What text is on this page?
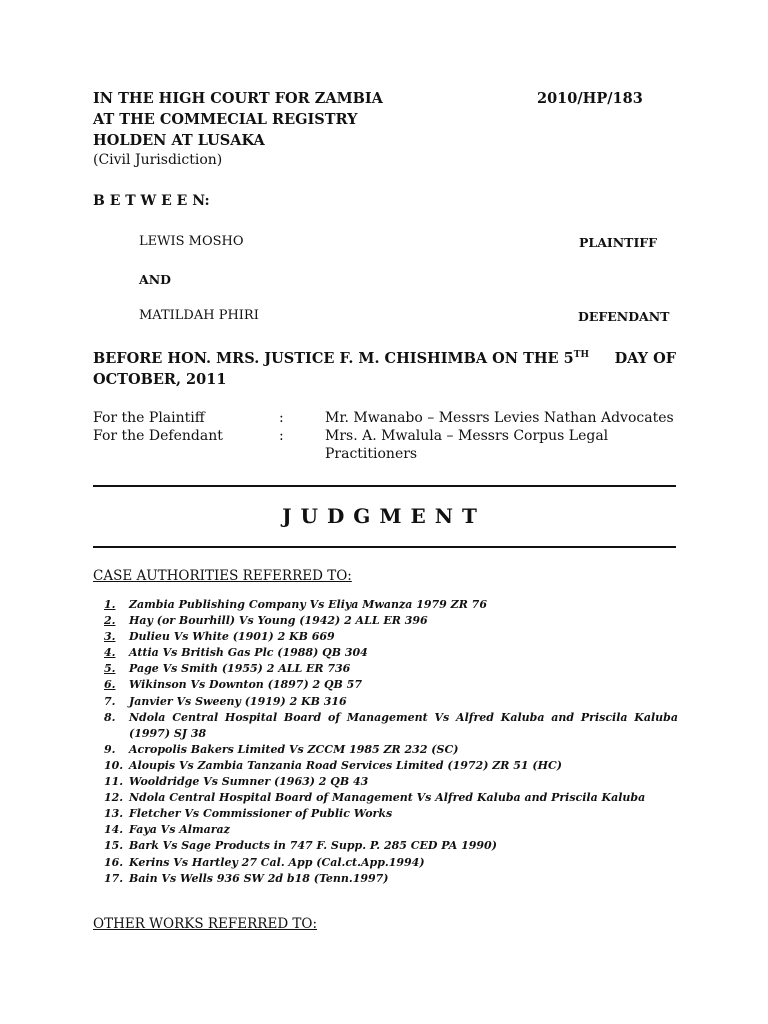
IN THE HIGH COURT FOR ZAMBIA	2010/HP/183
AT THE COMMECIAL REGISTRY
HOLDEN AT LUSAKA
(Civil Jurisdiction)
B E T W E E N:
LEWIS MOSHO	PLAINTIFF
AND
MATILDAH PHIRI	DEFENDANT
BEFORE HON. MRS. JUSTICE F. M. CHISHIMBA ON THE 5TH DAY OF
OCTOBER, 2011
For the Plaintiff	:	Mr. Mwanabo – Messrs Levies Nathan Advocates
For the Defendant	:	Mrs. A. Mwalula – Messrs Corpus Legal
Practitioners
JUDGMENT
CASE AUTHORITIES REFERRED TO:
1.	Zambia Publishing Company Vs Eliya Mwanza 1979 ZR 76
2.	Hay (or Bourhill) Vs Young (1942) 2 ALL ER 396
3.	Dulieu Vs White (1901) 2 KB 669
4.	Attia Vs British Gas Plc (1988) QB 304
5.	Page Vs Smith (1955) 2 ALL ER 736
6.	Wikinson Vs Downton (1897) 2 QB 57
7.	Janvier Vs Sweeny (1919) 2 KB 316
8.	Ndola Central Hospital Board of Management Vs Alfred Kaluba and Priscila Kaluba (1997) SJ 38
9.	Acropolis Bakers Limited Vs ZCCM 1985 ZR 232 (SC)
10. Aloupis Vs Zambia Tanzania Road Services Limited (1972) ZR 51 (HC)
11. Wooldridge Vs Sumner (1963) 2 QB 43
12. Ndola Central Hospital Board of Management Vs Alfred Kaluba and Priscila Kaluba
13. Fletcher Vs Commissioner of Public Works
14. Faya Vs Almaraz
15. Bark Vs Sage Products in 747 F. Supp. P. 285 CED PA 1990)
16. Kerins Vs Hartley 27 Cal. App (Cal.ct.App.1994)
17. Bain Vs Wells 936 SW 2d b18 (Tenn.1997)
OTHER WORKS REFERRED TO:
